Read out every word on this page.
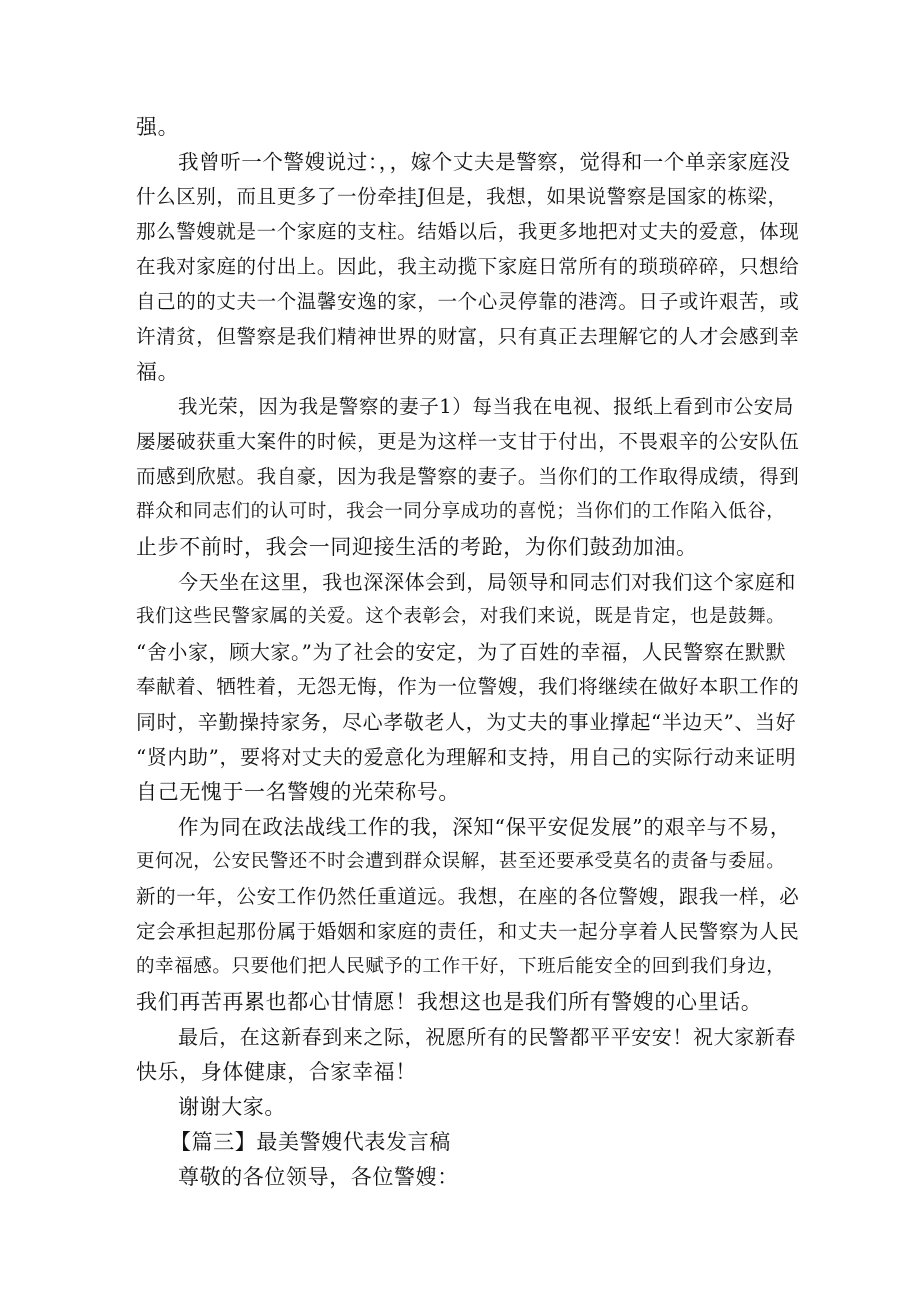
强。
我曾听一个警嫂说过：，，嫁个丈夫是警察，觉得和一个单亲家庭没
什么区别，而且更多了一份牵挂J但是，我想，如果说警察是国家的栋梁，
那么警嫂就是一个家庭的支柱。结婚以后，我更多地把对丈夫的爱意，体现
在我对家庭的付出上。因此，我主动揽下家庭日常所有的琐琐碎碎，只想给
自己的的丈夫一个温馨安逸的家，一个心灵停靠的港湾。日子或许艰苦，或
许清贫，但警察是我们精神世界的财富，只有真正去理解它的人才会感到幸
福。
我光荣，因为我是警察的妻子1）每当我在电视、报纸上看到市公安局
屡屡破获重大案件的时候，更是为这样一支甘于付出，不畏艰辛的公安队伍
而感到欣慰。我自豪，因为我是警察的妻子。当你们的工作取得成绩，得到
群众和同志们的认可时，我会一同分享成功的喜悦；当你们的工作陷入低谷，
止步不前时，我会一同迎接生活的考跄，为你们鼓劲加油。
今天坐在这里，我也深深体会到，局领导和同志们对我们这个家庭和
我们这些民警家属的关爱。这个表彰会，对我们来说，既是肯定，也是鼓舞。
“舍小家，顾大家。”为了社会的安定，为了百姓的幸福，人民警察在默默
奉献着、牺牲着，无怨无悔，作为一位警嫂，我们将继续在做好本职工作的
同时，辛勤操持家务，尽心孝敬老人，为丈夫的事业撑起“半边天”、当好
“贤内助”，要将对丈夫的爱意化为理解和支持，用自己的实际行动来证明
自己无愧于一名警嫂的光荣称号。
作为同在政法战线工作的我，深知“保平安促发展”的艰辛与不易，
更何况，公安民警还不时会遭到群众误解，甚至还要承受莫名的责备与委屈。
新的一年，公安工作仍然任重道远。我想，在座的各位警嫂，跟我一样，必
定会承担起那份属于婚姻和家庭的责任，和丈夫一起分享着人民警察为人民
的幸福感。只要他们把人民赋予的工作干好，下班后能安全的回到我们身边，
我们再苦再累也都心甘情愿！我想这也是我们所有警嫂的心里话。
最后，在这新春到来之际，祝愿所有的民警都平平安安！祝大家新春
快乐，身体健康，合家幸福！
谢谢大家。
【篇三】最美警嫂代表发言稿
尊敬的各位领导，各位警嫂：
